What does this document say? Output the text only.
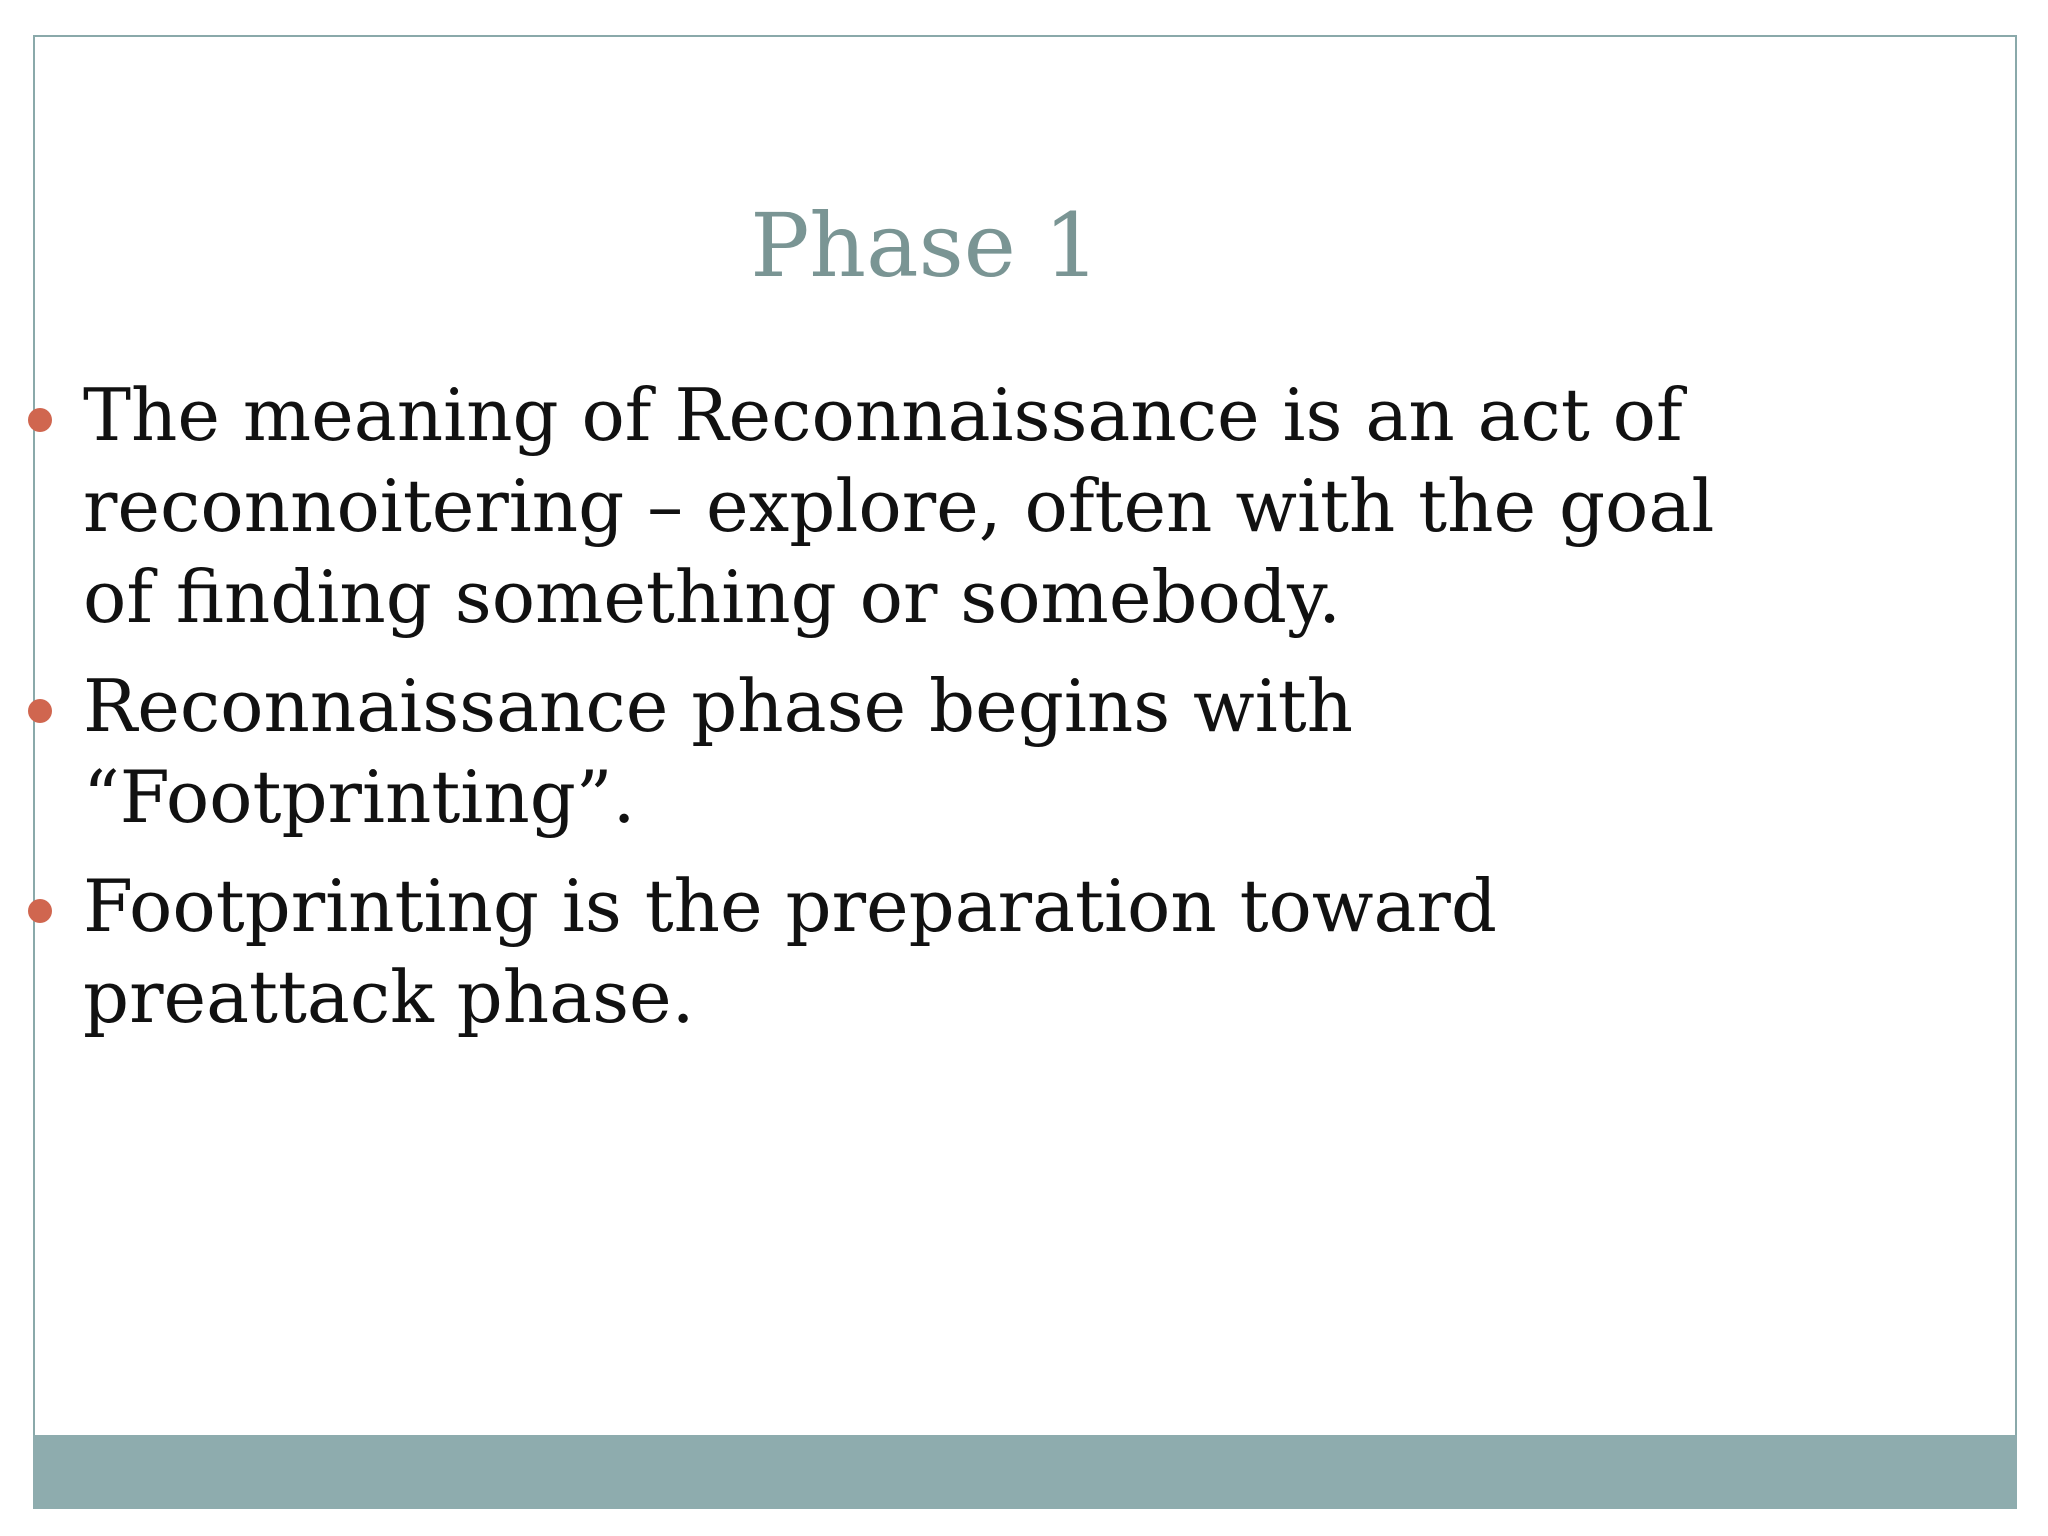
Phase 1
The meaning of Reconnaissance is an act of reconnoitering – explore, often with the goal of finding something or somebody.
Reconnaissance phase begins with “Footprinting”.
Footprinting is the preparation toward preattack phase.
